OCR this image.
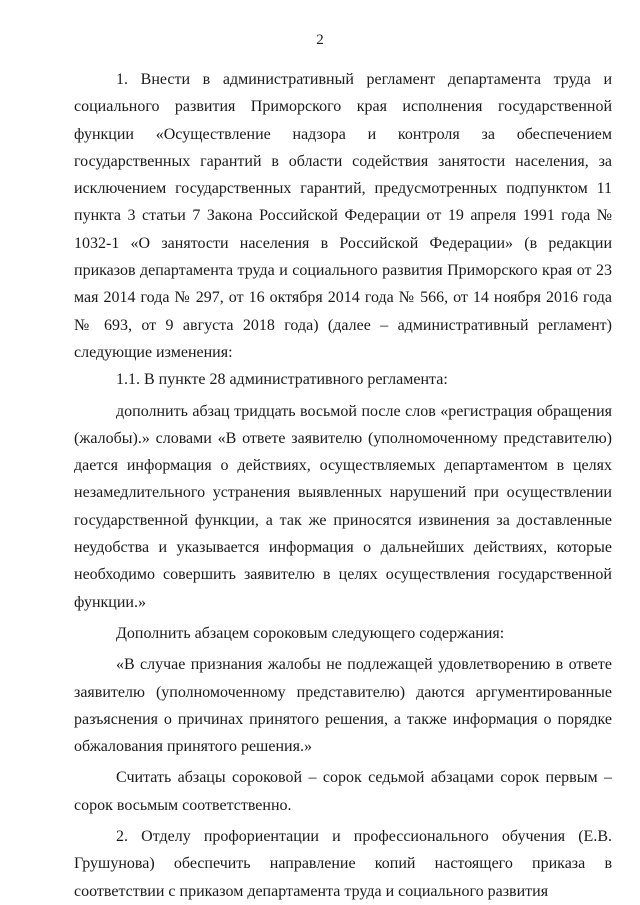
2

1. Внести в административный регламент департамента труда и социального развития Приморского края исполнения государственной функции «Осуществление надзора и контроля за обеспечением государственных гарантий в области содействия занятости населения, за исключением государственных гарантий, предусмотренных подпунктом 11 пункта 3 статьи 7 Закона Российской Федерации от 19 апреля 1991 года № 1032-1 «О занятости населения в Российской Федерации» (в редакции приказов департамента труда и социального развития Приморского края от 23 мая 2014 года № 297, от 16 октября 2014 года № 566, от 14 ноября 2016 года № 693, от 9 августа 2018 года) (далее – административный регламент) следующие изменения:

1.1. В пункте 28 административного регламента:

дополнить абзац тридцать восьмой после слов «регистрация обращения (жалобы).» словами «В ответе заявителю (уполномоченному представителю) дается информация о действиях, осуществляемых департаментом в целях незамедлительного устранения выявленных нарушений при осуществлении государственной функции, а так же приносятся извинения за доставленные неудобства и указывается информация о дальнейших действиях, которые необходимо совершить заявителю в целях осуществления государственной функции.»

Дополнить абзацем сороковым следующего содержания:

«В случае признания жалобы не подлежащей удовлетворению в ответе заявителю (уполномоченному представителю) даются аргументированные разъяснения о причинах принятого решения, а также информация о порядке обжалования принятого решения.»

Считать абзацы сороковой – сорок седьмой абзацами сорок первым – сорок восьмым соответственно.

2. Отделу профориентации и профессионального обучения (Е.В. Грушунова) обеспечить направление копий настоящего приказа в соответствии с приказом департамента труда и социального развития
